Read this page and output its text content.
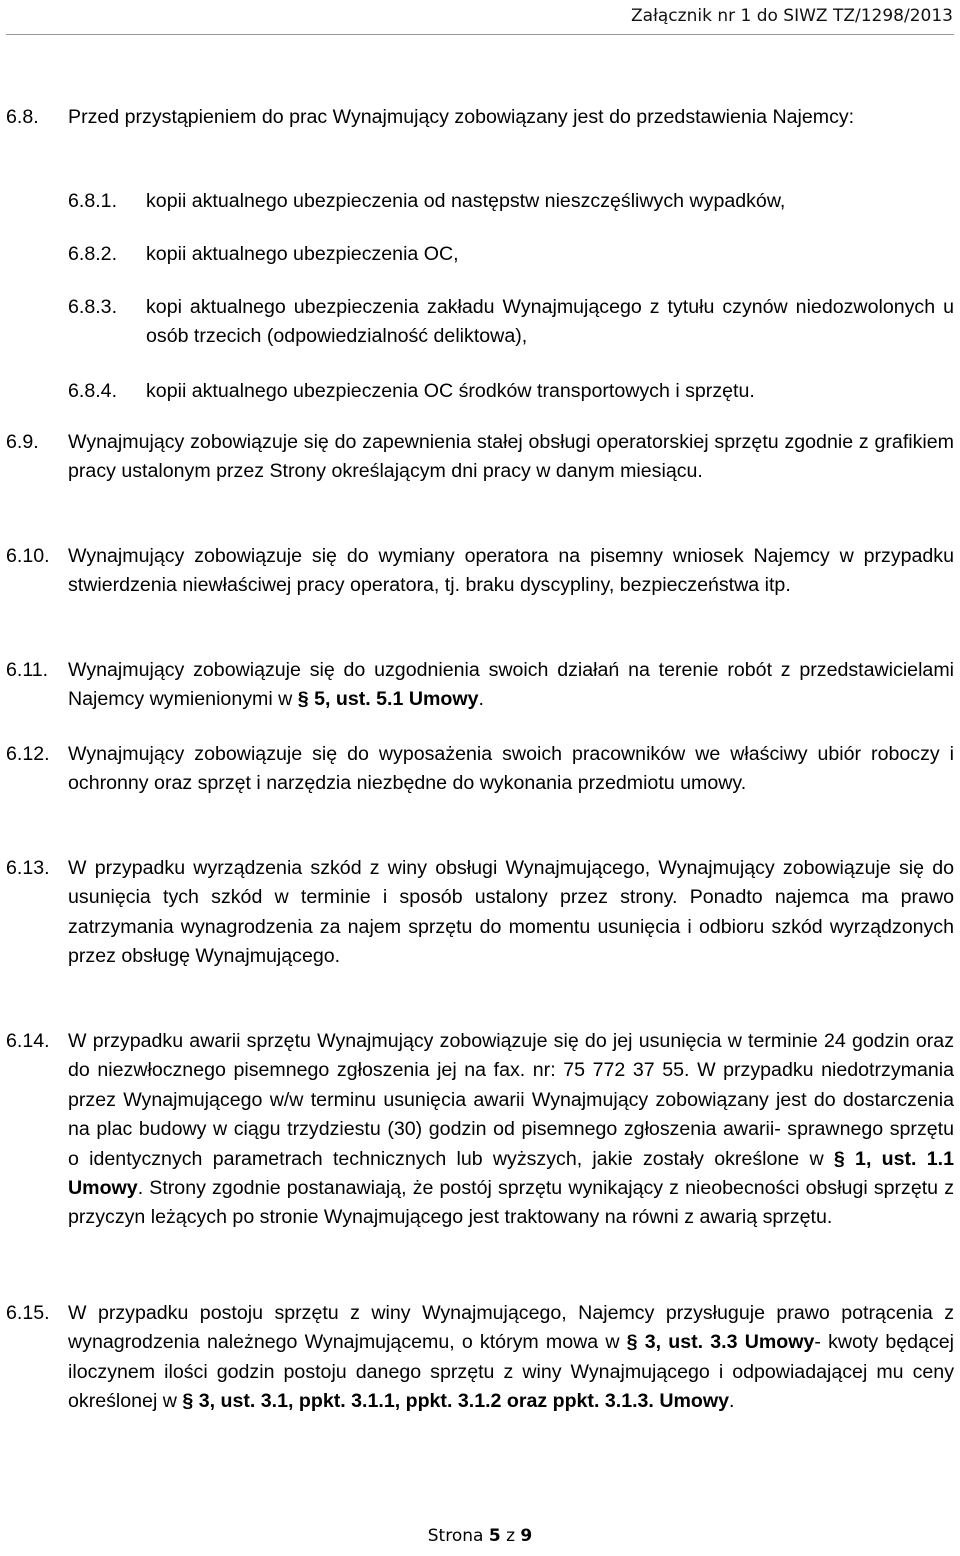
Załącznik nr 1 do SIWZ TZ/1298/2013
6.8. Przed przystąpieniem do prac Wynajmujący zobowiązany jest do przedstawienia Najemcy:
6.8.1. kopii aktualnego ubezpieczenia od następstw nieszczęśliwych wypadków,
6.8.2. kopii aktualnego ubezpieczenia OC,
6.8.3. kopi aktualnego ubezpieczenia zakładu Wynajmującego z tytułu czynów niedozwolonych u osób trzecich (odpowiedzialność deliktowa),
6.8.4. kopii aktualnego ubezpieczenia OC środków transportowych i sprzętu.
6.9. Wynajmujący zobowiązuje się do zapewnienia stałej obsługi operatorskiej sprzętu zgodnie z grafikiem pracy ustalonym przez Strony określającym dni pracy w danym miesiącu.
6.10. Wynajmujący zobowiązuje się do wymiany operatora na pisemny wniosek Najemcy w przypadku stwierdzenia niewłaściwej pracy operatora, tj. braku dyscypliny, bezpieczeństwa itp.
6.11. Wynajmujący zobowiązuje się do uzgodnienia swoich działań na terenie robót z przedstawicielami Najemcy wymienionymi w § 5, ust. 5.1 Umowy.
6.12. Wynajmujący zobowiązuje się do wyposażenia swoich pracowników we właściwy ubiór roboczy i ochronny oraz sprzęt i narzędzia niezbędne do wykonania przedmiotu umowy.
6.13. W przypadku wyrządzenia szkód z winy obsługi Wynajmującego, Wynajmujący zobowiązuje się do usunięcia tych szkód w terminie i sposób ustalony przez strony. Ponadto najemca ma prawo zatrzymania wynagrodzenia za najem sprzętu do momentu usunięcia i odbioru szkód wyrządzonych przez obsługę Wynajmującego.
6.14. W przypadku awarii sprzętu Wynajmujący zobowiązuje się do jej usunięcia w terminie 24 godzin oraz do niezwłocznego pisemnego zgłoszenia jej na fax. nr: 75 772 37 55. W przypadku niedotrzymania przez Wynajmującego w/w terminu usunięcia awarii Wynajmujący zobowiązany jest do dostarczenia na plac budowy w ciągu trzydziestu (30) godzin od pisemnego zgłoszenia awarii- sprawnego sprzętu o identycznych parametrach technicznych lub wyższych, jakie zostały określone w § 1, ust. 1.1 Umowy. Strony zgodnie postanawiają, że postój sprzętu wynikający z nieobecności obsługi sprzętu z przyczyn leżących po stronie Wynajmującego jest traktowany na równi z awarią sprzętu.
6.15. W przypadku postoju sprzętu z winy Wynajmującego, Najemcy przysługuje prawo potrącenia z wynagrodzenia należnego Wynajmującemu, o którym mowa w § 3, ust. 3.3 Umowy- kwoty będącej iloczynem ilości godzin postoju danego sprzętu z winy Wynajmującego i odpowiadającej mu ceny określonej w § 3, ust. 3.1, ppkt. 3.1.1, ppkt. 3.1.2 oraz ppkt. 3.1.3. Umowy.
Strona 5 z 9
